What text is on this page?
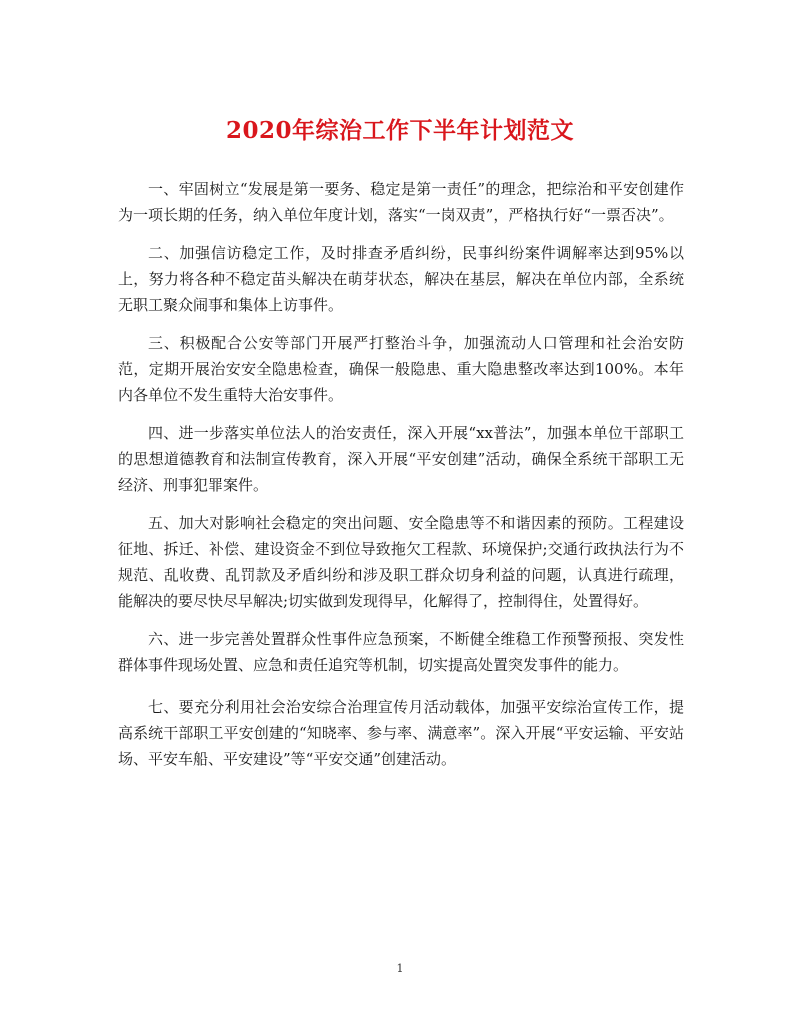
2020年综治工作下半年计划范文

一、牢固树立“发展是第一要务、稳定是第一责任”的理念，把综治和平安创建作为一项长期的任务，纳入单位年度计划，落实“一岗双责”，严格执行好“一票否决”。

二、加强信访稳定工作，及时排查矛盾纠纷，民事纠纷案件调解率达到95%以上，努力将各种不稳定苗头解决在萌芽状态，解决在基层，解决在单位内部，全系统无职工聚众闹事和集体上访事件。

三、积极配合公安等部门开展严打整治斗争，加强流动人口管理和社会治安防范，定期开展治安安全隐患检查，确保一般隐患、重大隐患整改率达到100%。本年内各单位不发生重特大治安事件。

四、进一步落实单位法人的治安责任，深入开展“xx普法”，加强本单位干部职工的思想道德教育和法制宣传教育，深入开展“平安创建”活动，确保全系统干部职工无经济、刑事犯罪案件。

五、加大对影响社会稳定的突出问题、安全隐患等不和谐因素的预防。工程建设征地、拆迁、补偿、建设资金不到位导致拖欠工程款、环境保护;交通行政执法行为不规范、乱收费、乱罚款及矛盾纠纷和涉及职工群众切身利益的问题，认真进行疏理，能解决的要尽快尽早解决;切实做到发现得早，化解得了，控制得住，处置得好。

六、进一步完善处置群众性事件应急预案，不断健全维稳工作预警预报、突发性群体事件现场处置、应急和责任追究等机制，切实提高处置突发事件的能力。

七、要充分利用社会治安综合治理宣传月活动载体，加强平安综治宣传工作，提高系统干部职工平安创建的“知晓率、参与率、满意率”。深入开展“平安运输、平安站场、平安车船、平安建设”等“平安交通”创建活动。

1
